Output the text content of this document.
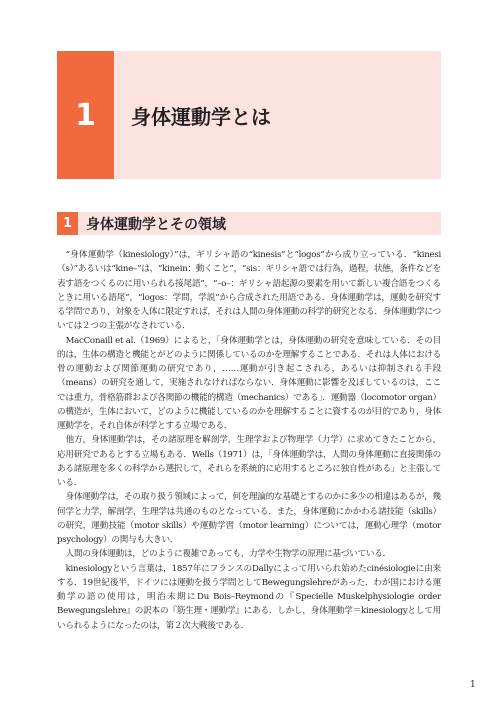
1 身体運動学とは
1 身体運動学とその領域

“身体運動学（kinesiology）”は，ギリシャ語の“kinesis”と“logos”から成り立っている．“kinesi（s）”あるいは“kine–”は，“kinein：動くこと”，“sis：ギリシャ語では行為，過程，状態，条件などを表す語をつくるのに用いられる接尾語”，“–o–：ギリシャ語起源の要素を用いて新しい複合語をつくるときに用いる語尾”，“logos：学問，学説”から合成された用語である．身体運動学は，運動を研究する学問であり，対象を人体に限定すれば，それは人間の身体運動の科学的研究となる．身体運動学については２つの主張がなされている．

MacConaill et al.（1969）によると，「身体運動学とは，身体運動の研究を意味している．その目的は，生体の構造と機能とがどのように関係しているのかを理解することである．それは人体における骨の運動および関節運動の研究であり，……運動が引き起こされる，あるいは抑制される手段（means）の研究を通して，実施されなければならない．身体運動に影響を及ぼしているのは，ここでは重力，骨格筋群および各関節の機能的構造（mechanics）である」．運動器（locomotor organ）の構造が，生体において，どのように機能しているのかを理解することに資するのが目的であり，身体運動学を，それ自体が科学とする立場である．

他方，身体運動学は，その諸原理を解剖学，生理学および物理学（力学）に求めてきたことから，応用研究であるとする立場もある．Wells（1971）は，「身体運動学は，人間の身体運動に直接関係のある諸原理を多くの科学から選択して，それらを系統的に応用するところに独自性がある」と主張している．

身体運動学は，その取り扱う領域によって，何を理論的な基礎とするのかに多少の相違はあるが，幾何学と力学，解剖学，生理学は共通のものとなっている．また，身体運動にかかわる諸技能（skills）の研究，運動技能（motor skills）や運動学習（motor learning）については，運動心理学（motor psychology）の関与も大きい．

人間の身体運動は，どのように複雑であっても，力学や生物学の原理に基づいている．

kinesiologyという言葉は，1857年にフランスのDallyによって用いられ始めたcinésiologieに由来する．19世紀後半，ドイツには運動を扱う学問としてBewegungslehreがあった．わが国における運動学の語の使用は，明治末期にDu Bois–Reymondの『Specielle Muskelphysiologie order Bewegungslehre』の訳本の『筋生理・運動学』にある．しかし，身体運動学＝kinesiologyとして用いられるようになったのは，第２次大戦後である．

1
